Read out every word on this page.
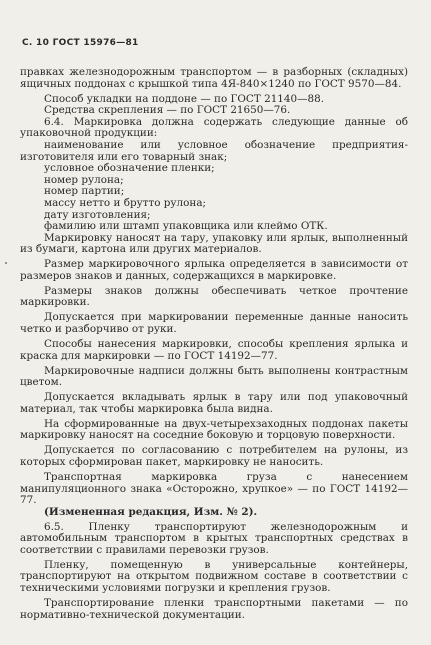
С. 10 ГОСТ 15976—81

правках железнодорожным транспортом — в разборных (складных) ящичных поддонах с крышкой типа 4Я-840×1240 по ГОСТ 9570—84.

Способ укладки на поддоне — по ГОСТ 21140—88.

Средства скрепления — по ГОСТ 21650—76.

6.4. Маркировка должна содержать следующие данные об упаковочной продукции:

наименование или условное обозначение предприятия-изготовителя или его товарный знак;

условное обозначение пленки;

номер рулона;

номер партии;

массу нетто и брутто рулона;

дату изготовления;

фамилию или штамп упаковщика или клеймо ОТК.

Маркировку наносят на тару, упаковку или ярлык, выполненный из бумаги, картона или других материалов.

Размер маркировочного ярлыка определяется в зависимости от размеров знаков и данных, содержащихся в маркировке.

Размеры знаков должны обеспечивать четкое прочтение маркировки.

Допускается при маркировании переменные данные наносить четко и разборчиво от руки.

Способы нанесения маркировки, способы крепления ярлыка и краска для маркировки — по ГОСТ 14192—77.

Маркировочные надписи должны быть выполнены контрастным цветом.

Допускается вкладывать ярлык в тару или под упаковочный материал, так чтобы маркировка была видна.

На сформированные на двух-четырехзаходных поддонах пакеты маркировку наносят на соседние боковую и торцовую поверхности.

Допускается по согласованию с потребителем на рулоны, из которых сформирован пакет, маркировку не наносить.

Транспортная маркировка груза с нанесением манипуляционного знака «Осторожно, хрупкое» — по ГОСТ 14192—77.

(Измененная редакция, Изм. № 2).

6.5. Пленку транспортируют железнодорожным и автомобильным транспортом в крытых транспортных средствах в соответствии с правилами перевозки грузов.

Пленку, помещенную в универсальные контейнеры, транспортируют на открытом подвижном составе в соответствии с техническими условиями погрузки и крепления грузов.

Транспортирование пленки транспортными пакетами — по нормативно-технической документации.
